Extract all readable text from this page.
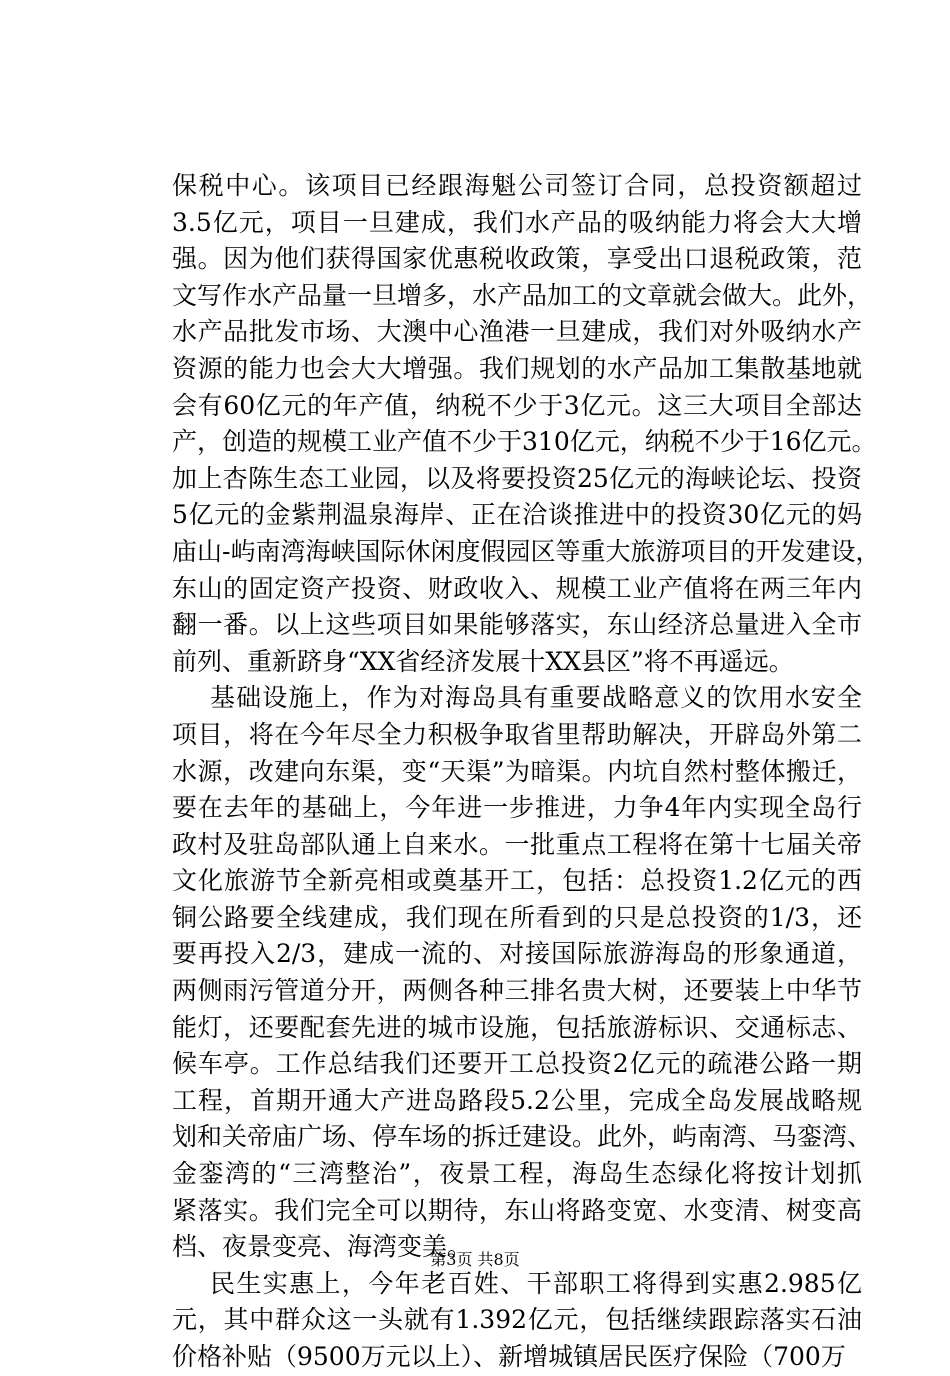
保税中心。该项目已经跟海魁公司签订合同，总投资额超过
3.5亿元，项目一旦建成，我们水产品的吸纳能力将会大大增
强。因为他们获得国家优惠税收政策，享受出口退税政策，范
文写作水产品量一旦增多，水产品加工的文章就会做大。此外，
水产品批发市场、大澳中心渔港一旦建成，我们对外吸纳水产
资源的能力也会大大增强。我们规划的水产品加工集散基地就
会有60亿元的年产值，纳税不少于3亿元。这三大项目全部达
产，创造的规模工业产值不少于310亿元，纳税不少于16亿元。
加上杏陈生态工业园，以及将要投资25亿元的海峡论坛、投资
5亿元的金紫荆温泉海岸、正在洽谈推进中的投资30亿元的妈
庙山-屿南湾海峡国际休闲度假园区等重大旅游项目的开发建设，
东山的固定资产投资、财政收入、规模工业产值将在两三年内
翻一番。以上这些项目如果能够落实，东山经济总量进入全市
前列、重新跻身“XX省经济发展十XX县区”将不再遥远。
基础设施上，作为对海岛具有重要战略意义的饮用水安全
项目，将在今年尽全力积极争取省里帮助解决，开辟岛外第二
水源，改建向东渠，变“天渠”为暗渠。内坑自然村整体搬迁，
要在去年的基础上，今年进一步推进，力争4年内实现全岛行
政村及驻岛部队通上自来水。一批重点工程将在第十七届关帝
文化旅游节全新亮相或奠基开工，包括：总投资1.2亿元的西
铜公路要全线建成，我们现在所看到的只是总投资的1/3，还
要再投入2/3，建成一流的、对接国际旅游海岛的形象通道，
两侧雨污管道分开，两侧各种三排名贵大树，还要装上中华节
能灯，还要配套先进的城市设施，包括旅游标识、交通标志、
候车亭。工作总结我们还要开工总投资2亿元的疏港公路一期
工程，首期开通大产进岛路段5.2公里，完成全岛发展战略规
划和关帝庙广场、停车场的拆迁建设。此外，屿南湾、马銮湾、
金銮湾的“三湾整治”，夜景工程，海岛生态绿化将按计划抓
紧落实。我们完全可以期待，东山将路变宽、水变清、树变高
档、夜景变亮、海湾变美。
民生实惠上，今年老百姓、干部职工将得到实惠2.985亿
元，其中群众这一头就有1.392亿元，包括继续跟踪落实石油
价格补贴（9500万元以上）、新增城镇居民医疗保险（700万
第3页 共8页
